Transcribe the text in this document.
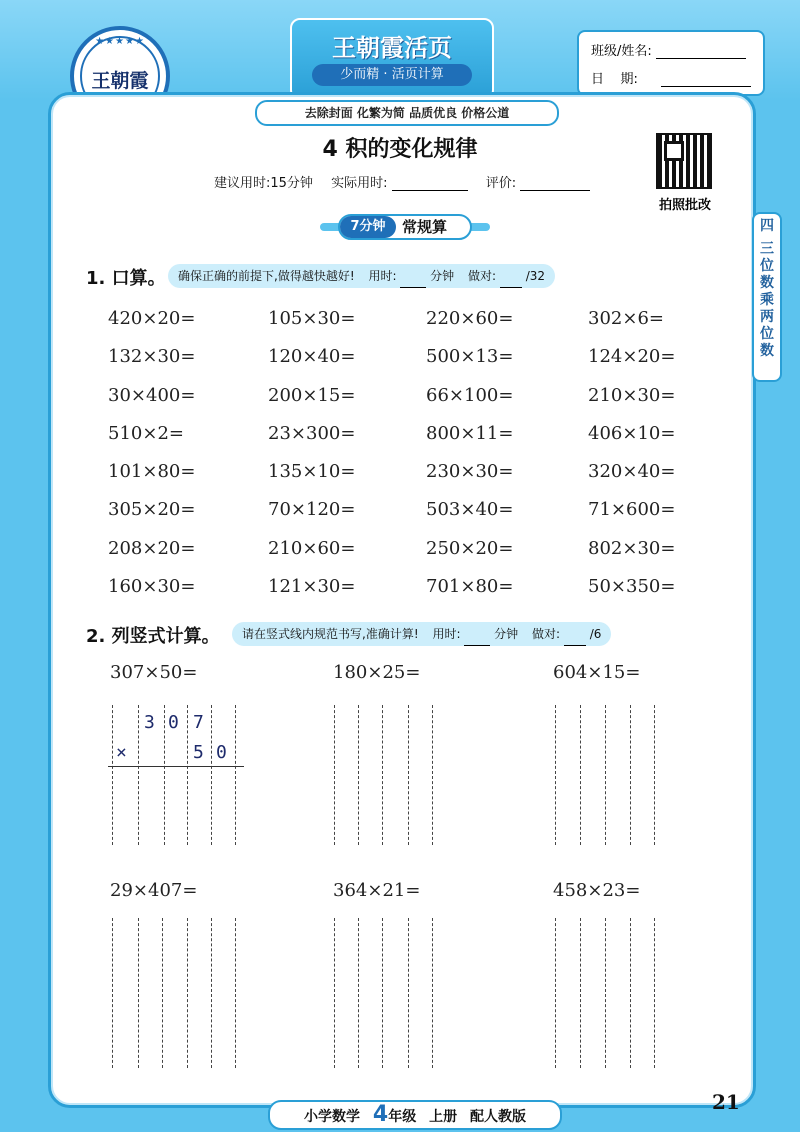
★★★★★
王朝霞
王朝霞活页
少而精 · 活页计算
班级/姓名:
日    期:
去除封面 化繁为简 品质优良 价格公道
4 积的变化规律
建议用时:15分钟 实际用时:	评价:
拍照批改
7分钟	常规算	四
三
位
数
乘
两
位
数
1. 口算。	确保正确的前提下,做得越快越好! 用时:	分钟 做对: /32
420×20=	105×30=	220×60=	302×6=
132×30=	120×40=	500×13=	124×20=
30×400=	200×15=	66×100=	210×30=
510×2=	23×300=	800×11=	406×10=
101×80=	135×10=	230×30=	320×40=
305×20=	70×120=	503×40=	71×600=
208×20=	210×60=	250×20=	802×30=
160×30=	121×30=	701×80=	50×350=
2. 列竖式计算。	请在竖式线内规范书写,准确计算! 用时:	分钟 做对: /6
307×50=	180×25=	604×15=
29×407=	364×21=	458×23=
3 0 7
×	5 0
小学数学 4年级 上册 配人教版
21
